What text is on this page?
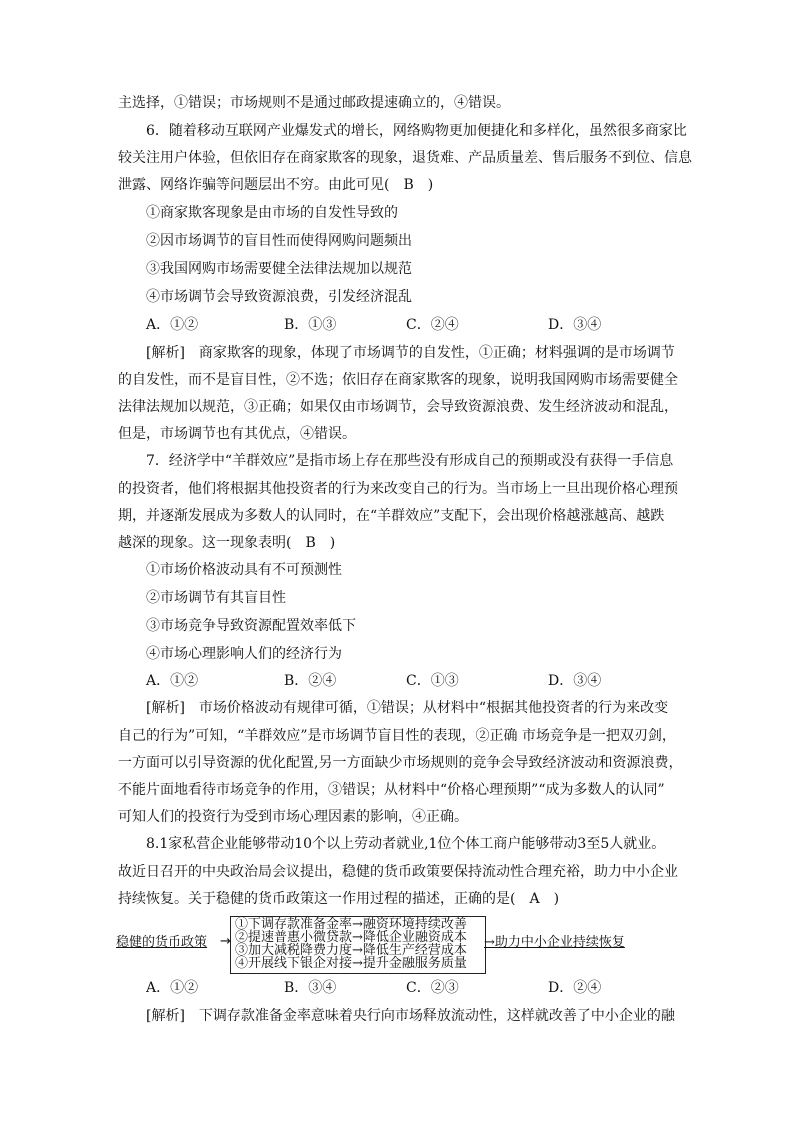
主选择，①错误；市场规则不是通过邮政提速确立的，④错误。
6．随着移动互联网产业爆发式的增长，网络购物更加便捷化和多样化，虽然很多商家比
较关注用户体验，但依旧存在商家欺客的现象，退货难、产品质量差、售后服务不到位、信息
泄露、网络诈骗等问题层出不穷。由此可见(　B　)
①商家欺客现象是由市场的自发性导致的
②因市场调节的盲目性而使得网购问题频出
③我国网购市场需要健全法律法规加以规范
④市场调节会导致资源浪费，引发经济混乱
A．①②	B．①③	C．②④	D．③④
[解析]　商家欺客的现象，体现了市场调节的自发性，①正确；材料强调的是市场调节
的自发性，而不是盲目性，②不选；依旧存在商家欺客的现象，说明我国网购市场需要健全
法律法规加以规范，③正确；如果仅由市场调节，会导致资源浪费、发生经济波动和混乱，
但是，市场调节也有其优点，④错误。
7．经济学中“羊群效应”是指市场上存在那些没有形成自己的预期或没有获得一手信息
的投资者，他们将根据其他投资者的行为来改变自己的行为。当市场上一旦出现价格心理预
期，并逐渐发展成为多数人的认同时，在“羊群效应”支配下，会出现价格越涨越高、越跌
越深的现象。这一现象表明(　B　)
①市场价格波动具有不可预测性
②市场调节有其盲目性
③市场竞争导致资源配置效率低下
④市场心理影响人们的经济行为
A．①②	B．②④	C．①③	D．③④
[解析]　市场价格波动有规律可循，①错误；从材料中“根据其他投资者的行为来改变
自己的行为”可知，“羊群效应”是市场调节盲目性的表现，②正确 市场竞争是一把双刃剑，
一方面可以引导资源的优化配置,另一方面缺少市场规则的竞争会导致经济波动和资源浪费，
不能片面地看待市场竞争的作用，③错误；从材料中“价格心理预期”“成为多数人的认同”
可知人们的投资行为受到市场心理因素的影响，④正确。
8.1家私营企业能够带动10个以上劳动者就业,1位个体工商户能够带动3至5人就业。
故近日召开的中央政治局会议提出，稳健的货币政策要保持流动性合理充裕，助力中小企业
持续恢复。关于稳健的货币政策这一作用过程的描述，正确的是(　A　)
稳健的货币政策 →
①下调存款准备金率→融资环境持续改善
②提速普惠小微贷款→降低企业融资成本
③加大减税降费力度→降低生产经营成本
④开展线下银企对接→提升金融服务质量
→助力中小企业持续恢复
A．①②	B．③④	C．②③	D．②④
[解析]　下调存款准备金率意味着央行向市场释放流动性，这样就改善了中小企业的融
